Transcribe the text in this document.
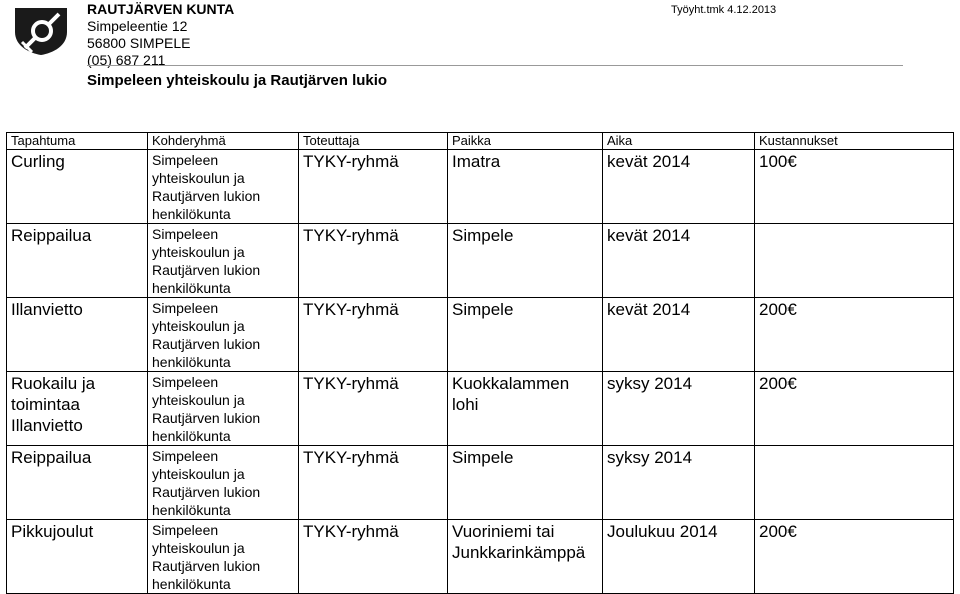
RAUTJÄRVEN KUNTA
Simpeleentie 12
56800 SIMPELE
(05) 687 211
Simpeleen yhteiskoulu ja Rautjärven lukio
Työyht.tmk 4.12.2013
Tapahtuma	Kohderyhmä	Toteuttaja	Paikka	Aika	Kustannukset
Curling	Simpeleen
yhteiskoulun ja
Rautjärven lukion
henkilökunta	TYKY-ryhmä	Imatra	kevät 2014	100€
Reippailua	Simpeleen
yhteiskoulun ja
Rautjärven lukion
henkilökunta	TYKY-ryhmä	Simpele	kevät 2014	
Illanvietto	Simpeleen
yhteiskoulun ja
Rautjärven lukion
henkilökunta	TYKY-ryhmä	Simpele	kevät 2014	200€
Ruokailu ja
toimintaa
Illanvietto	Simpeleen
yhteiskoulun ja
Rautjärven lukion
henkilökunta	TYKY-ryhmä	Kuokkalammen
lohi	syksy 2014	200€
Reippailua	Simpeleen
yhteiskoulun ja
Rautjärven lukion
henkilökunta	TYKY-ryhmä	Simpele	syksy 2014	
Pikkujoulut	Simpeleen
yhteiskoulun ja
Rautjärven lukion
henkilökunta	TYKY-ryhmä	Vuoriniemi tai
Junkkarinkämppä	Joulukuu 2014	200€
